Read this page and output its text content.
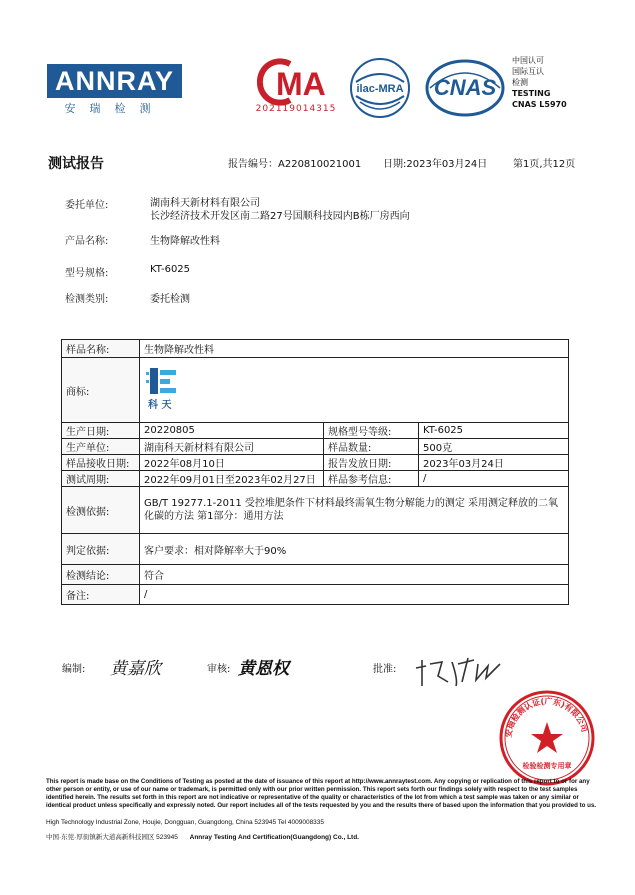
ANNRAY
安瑞检测
MA
202119014315
ilac-MRA CNAS
中国认可
国际互认
检测
TESTING
CNAS L5970
测试报告	报告编号：A220810021001 日期:2023年03月24日	第1页,共12页
委托单位:	湖南科天新材料有限公司
长沙经济技术开发区南二路27号国顺科技园内B栋厂房西向
产品名称:	生物降解改性料
型号规格:	KT-6025
检测类别:	委托检测
样品名称:	生物降解改性料		
商标:	科 天		

生产日期:	20220805	规格型号等级:	KT-6025
生产单位:	湖南科天新材料有限公司	样品数量:	500克
样品接收日期:	2022年08月10日	报告发放日期:	2023年03月24日
测试周期:	2022年09月01日至2023年02月27日	样品参考信息:	/
检测依据:	GB/T 19277.1-2011 受控堆肥条件下材料最终需氧生物分解能力的测定 采用测定释放的二氧化碳的方法 第1部分：通用方法		
判定依据:	客户要求：相对降解率大于90%		
检测结论:	符合		
备注:	/		
编制: 黄嘉欣	审核: 黄恩权	批准:
安瑞检测认证(广东)有限公司
检验检测专用章
This report is made base on the Conditions of Testing as posted at the date of issuance of this report at http://www.annraytest.com. Any copying or replication of this report to or for any other person or entity, or use of our name or trademark, is permitted only with our prior written permission. This report sets forth our findings solely with respect to the test samples identified herein. The results set forth in this report are not indicative or representative of the quality or characteristics of the lot from which a test sample was taken or any similar or identical product unless specifically and expressly noted. Our report includes all of the tests requested by you and the results there of based upon the information that you provided to us.
High Technology Industrial Zone, Houjie, Dongguan, Guangdong, China 523945 Tel 4009008335
中国·东莞·厚街镇新大道高新科技园区 523945 Annray Testing And Certification(Guangdong) Co., Ltd.
